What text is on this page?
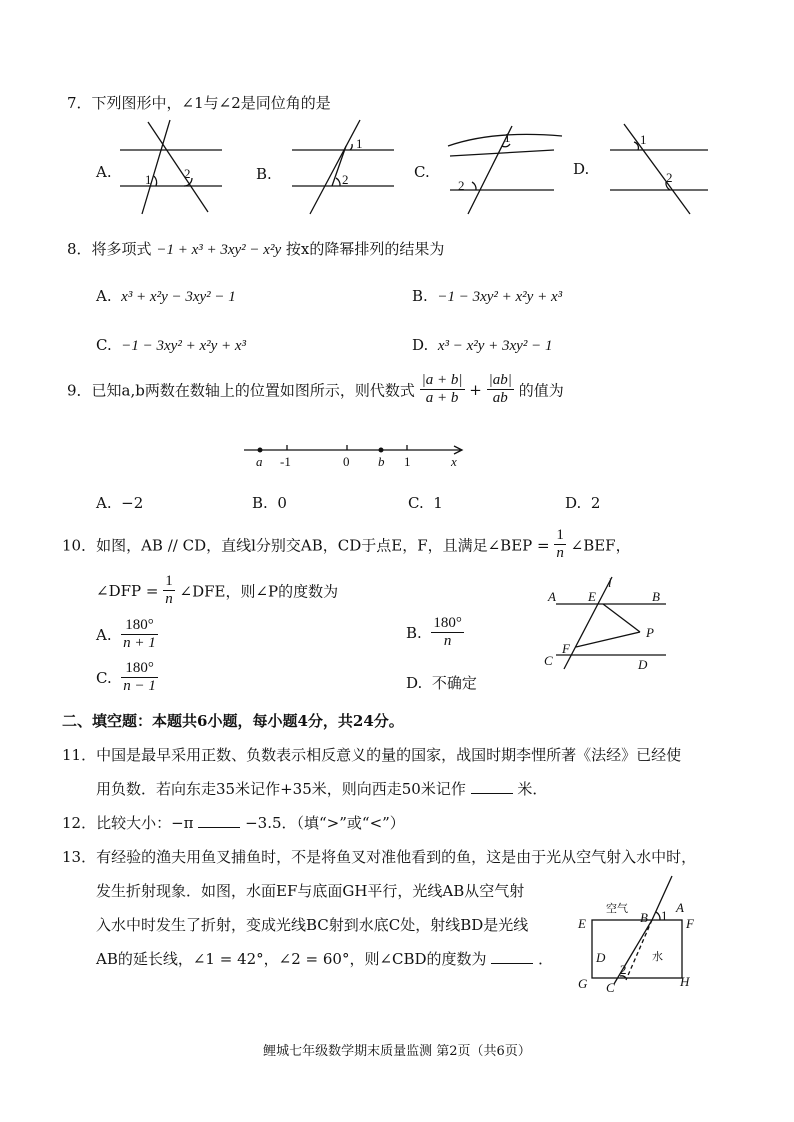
7．下列图形中，∠1与∠2是同位角的是
A.	B.	C.	D.
1	2
1
2
1
2
1
2
8．将多项式 −1 + x³ + 3xy² − x²y 按x的降幂排列的结果为
A. x³ + x²y − 3xy² − 1	B. −1 − 3xy² + x²y + x³
C. −1 − 3xy² + x²y + x³	D. x³ − x²y + 3xy² − 1
9．已知a,b两数在数轴上的位置如图所示，则代数式 $\frac{|a + b|}{a + b} + \frac{|ab|}{ab}$ 的值为
a -1	0 b 1	x
A. −2	B. 0	C. 1	D. 2
10．如图，AB // CD，直线l分别交AB，CD于点E，F，且满足∠BEP = $\frac{1}{n}$ ∠BEF，
∠DFP = $\frac{1}{n}$ ∠DFE，则∠P的度数为
A. $\frac{180^\circ}{n + 1}$	B. $\frac{180^\circ}{n}$
C. $\frac{180^\circ}{n - 1}$	D. 不确定
A E
l
B
P
F
C	D
二、填空题：本题共6小题，每小题4分，共24分。
11．中国是最早采用正数、负数表示相反意义的量的国家，战国时期李悝所著《法经》已经使
用负数．若向东走35米记作+35米，则向西走50米记作	米．
12．比较大小：−π	−3.5．（填“>”或“<”）
13．有经验的渔夫用鱼叉捕鱼时，不是将鱼叉对准他看到的鱼，这是由于光从空气射入水中时，
发生折射现象．如图，水面EF与底面GH平行，光线AB从空气射
入水中时发生了折射，变成光线BC射到水底C处，射线BD是光线
AB的延长线，∠1 = 42°，∠2 = 60°，则∠CBD的度数为	．
空气	A
E	B 1
F
水
D
2
G C	H
鲤城七年级数学期末质量监测 第2页（共6页）
